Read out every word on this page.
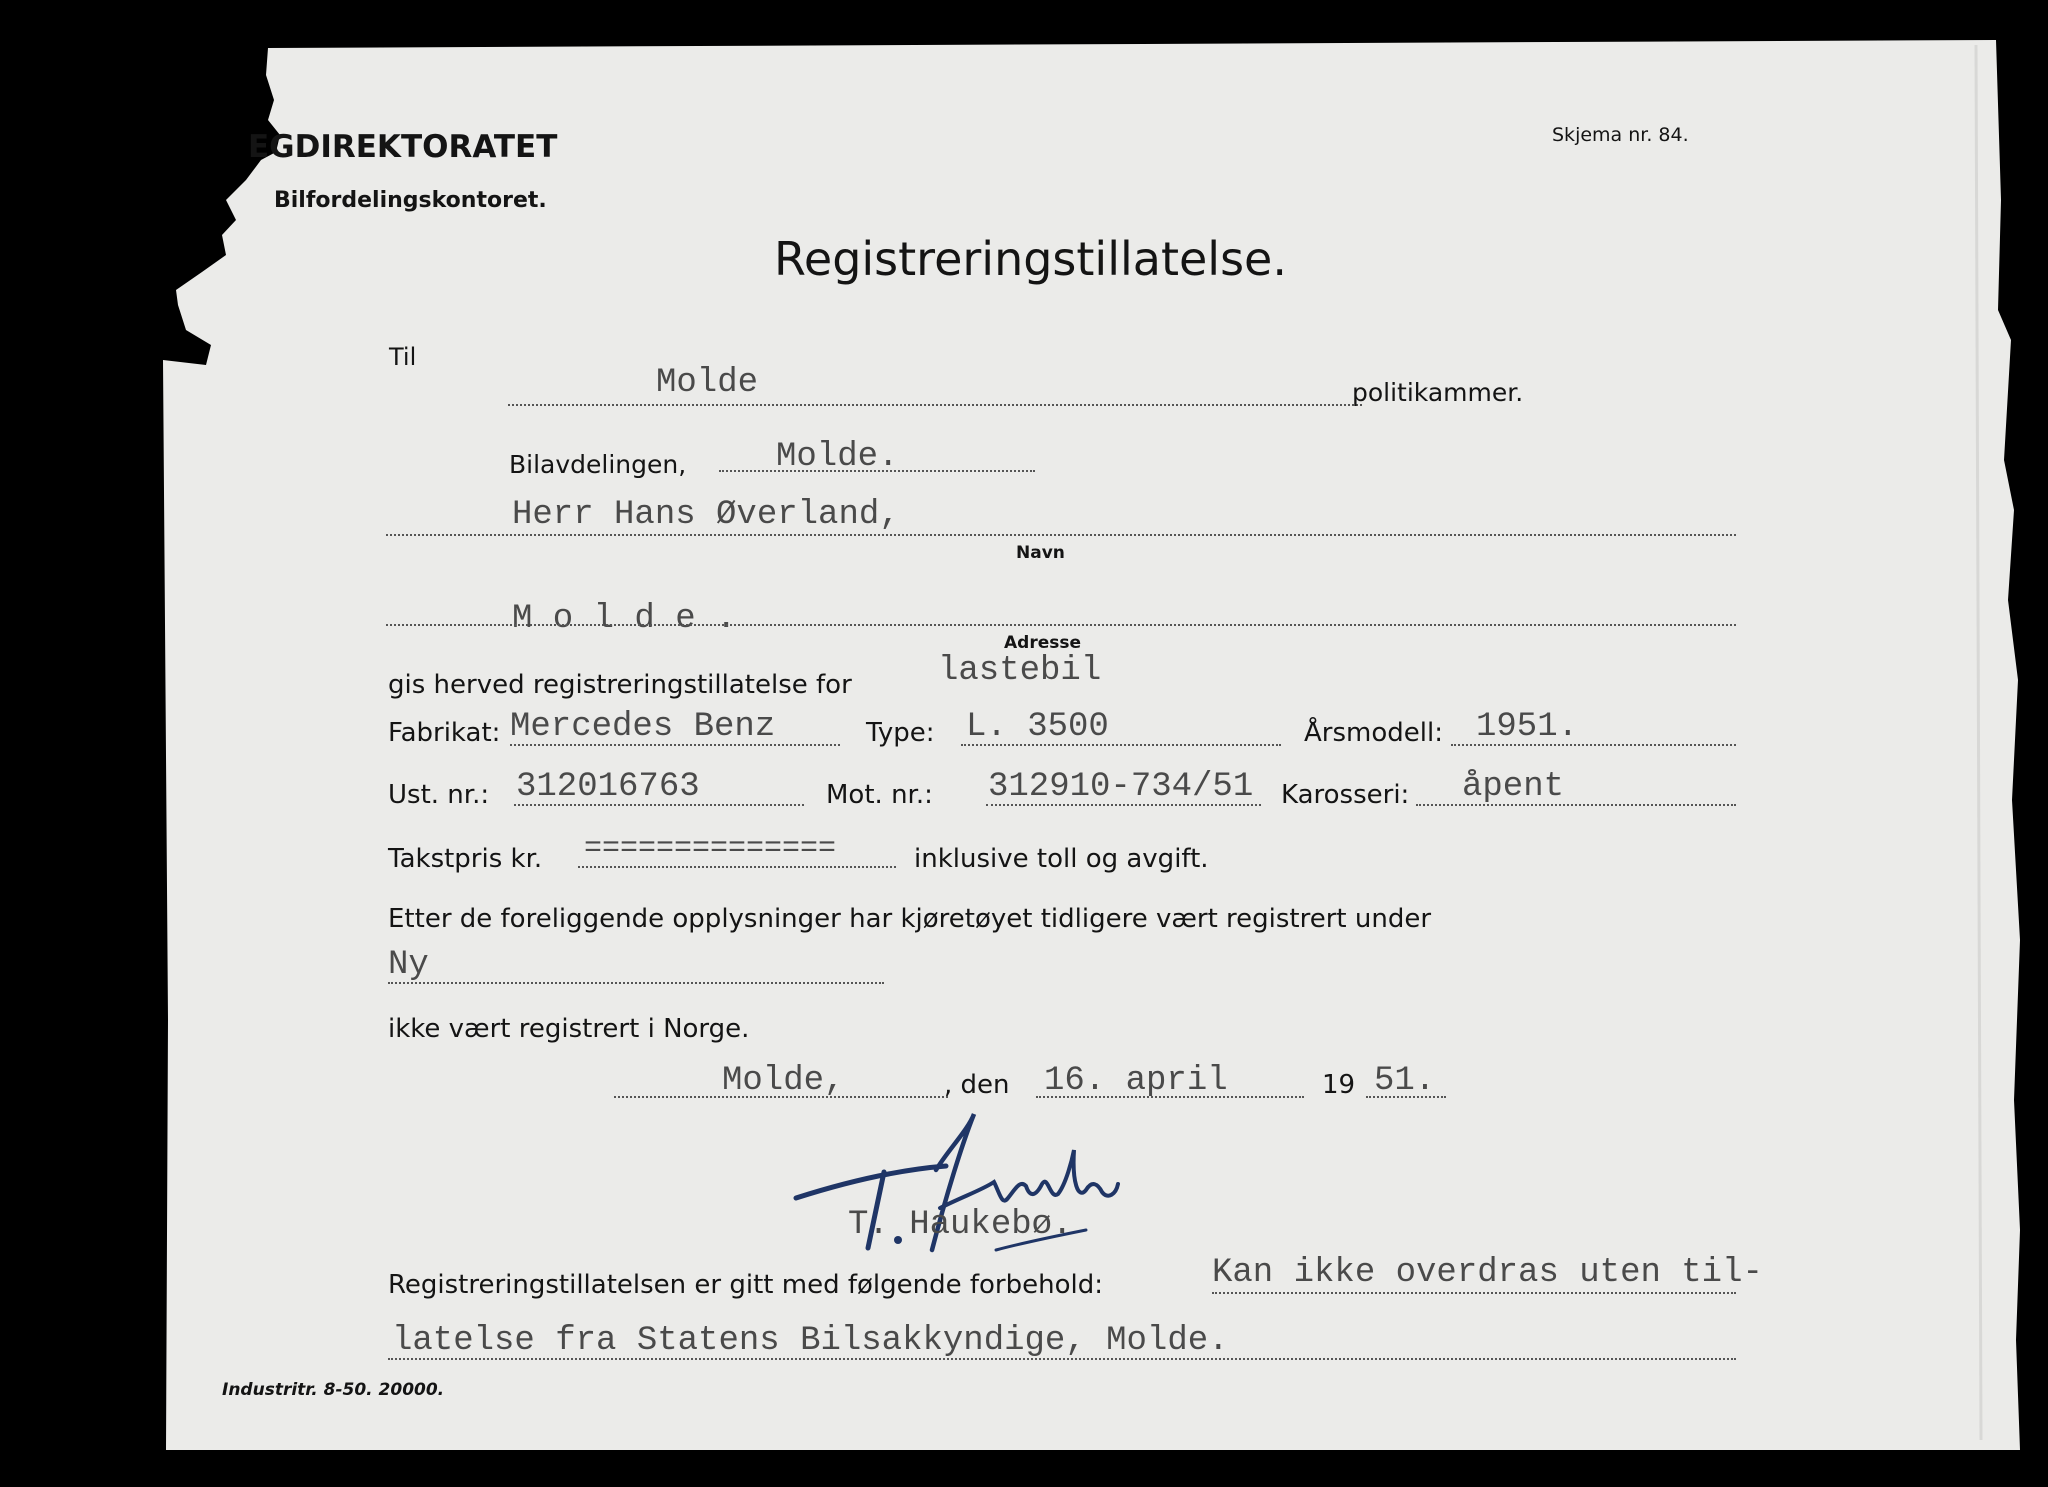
EGDIREKTORATET
Bilfordelingskontoret.
Skjema nr. 84.
Registreringstillatelse.
Til
Molde	politikammer.
Bilavdelingen,	Molde.
Herr Hans Øverland,
Navn
M o l d e .
Adresse
gis herved registreringstillatelse for	lastebil
Fabrikat: Mercedes Benz	Type: L. 3500	Årsmodell: 1951.
Ust. nr.: 312016763	Mot. nr.: 312910-734/51 Karosseri: åpent
Takstpris kr. ==============	inklusive toll og avgift.
Etter de foreliggende opplysninger har kjøretøyet tidligere vært registrert under
Ny
ikke vært registrert i Norge.
Molde,	, den 16. april	19 51.
T. Haukebø.
Registreringstillatelsen er gitt med følgende forbehold:	Kan ikke overdras uten til-
latelse fra Statens Bilsakkyndige, Molde.
Industritr. 8-50. 20000.
